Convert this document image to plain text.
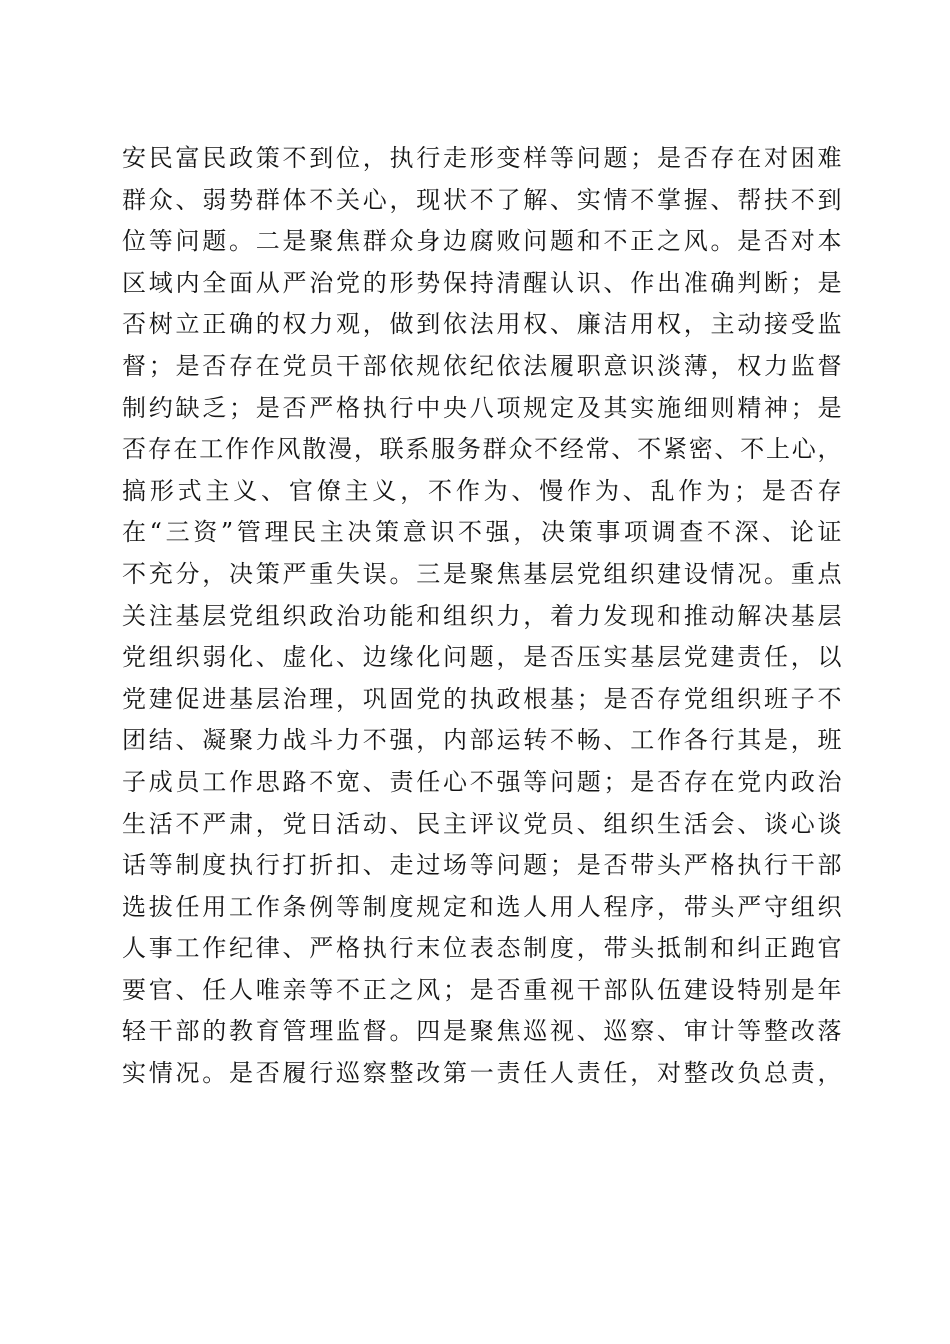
安民富民政策不到位，执行走形变样等问题；是否存在对困难
群众、弱势群体不关心，现状不了解、实情不掌握、帮扶不到
位等问题。二是聚焦群众身边腐败问题和不正之风。是否对本
区域内全面从严治党的形势保持清醒认识、作出准确判断；是
否树立正确的权力观，做到依法用权、廉洁用权，主动接受监
督；是否存在党员干部依规依纪依法履职意识淡薄，权力监督
制约缺乏；是否严格执行中央八项规定及其实施细则精神；是
否存在工作作风散漫，联系服务群众不经常、不紧密、不上心，
搞形式主义、官僚主义，不作为、慢作为、乱作为；是否存
在“三资”管理民主决策意识不强，决策事项调查不深、论证
不充分，决策严重失误。三是聚焦基层党组织建设情况。重点
关注基层党组织政治功能和组织力，着力发现和推动解决基层
党组织弱化、虚化、边缘化问题，是否压实基层党建责任，以
党建促进基层治理，巩固党的执政根基；是否存党组织班子不
团结、凝聚力战斗力不强，内部运转不畅、工作各行其是，班
子成员工作思路不宽、责任心不强等问题；是否存在党内政治
生活不严肃，党日活动、民主评议党员、组织生活会、谈心谈
话等制度执行打折扣、走过场等问题；是否带头严格执行干部
选拔任用工作条例等制度规定和选人用人程序，带头严守组织
人事工作纪律、严格执行末位表态制度，带头抵制和纠正跑官
要官、任人唯亲等不正之风；是否重视干部队伍建设特别是年
轻干部的教育管理监督。四是聚焦巡视、巡察、审计等整改落
实情况。是否履行巡察整改第一责任人责任，对整改负总责，
